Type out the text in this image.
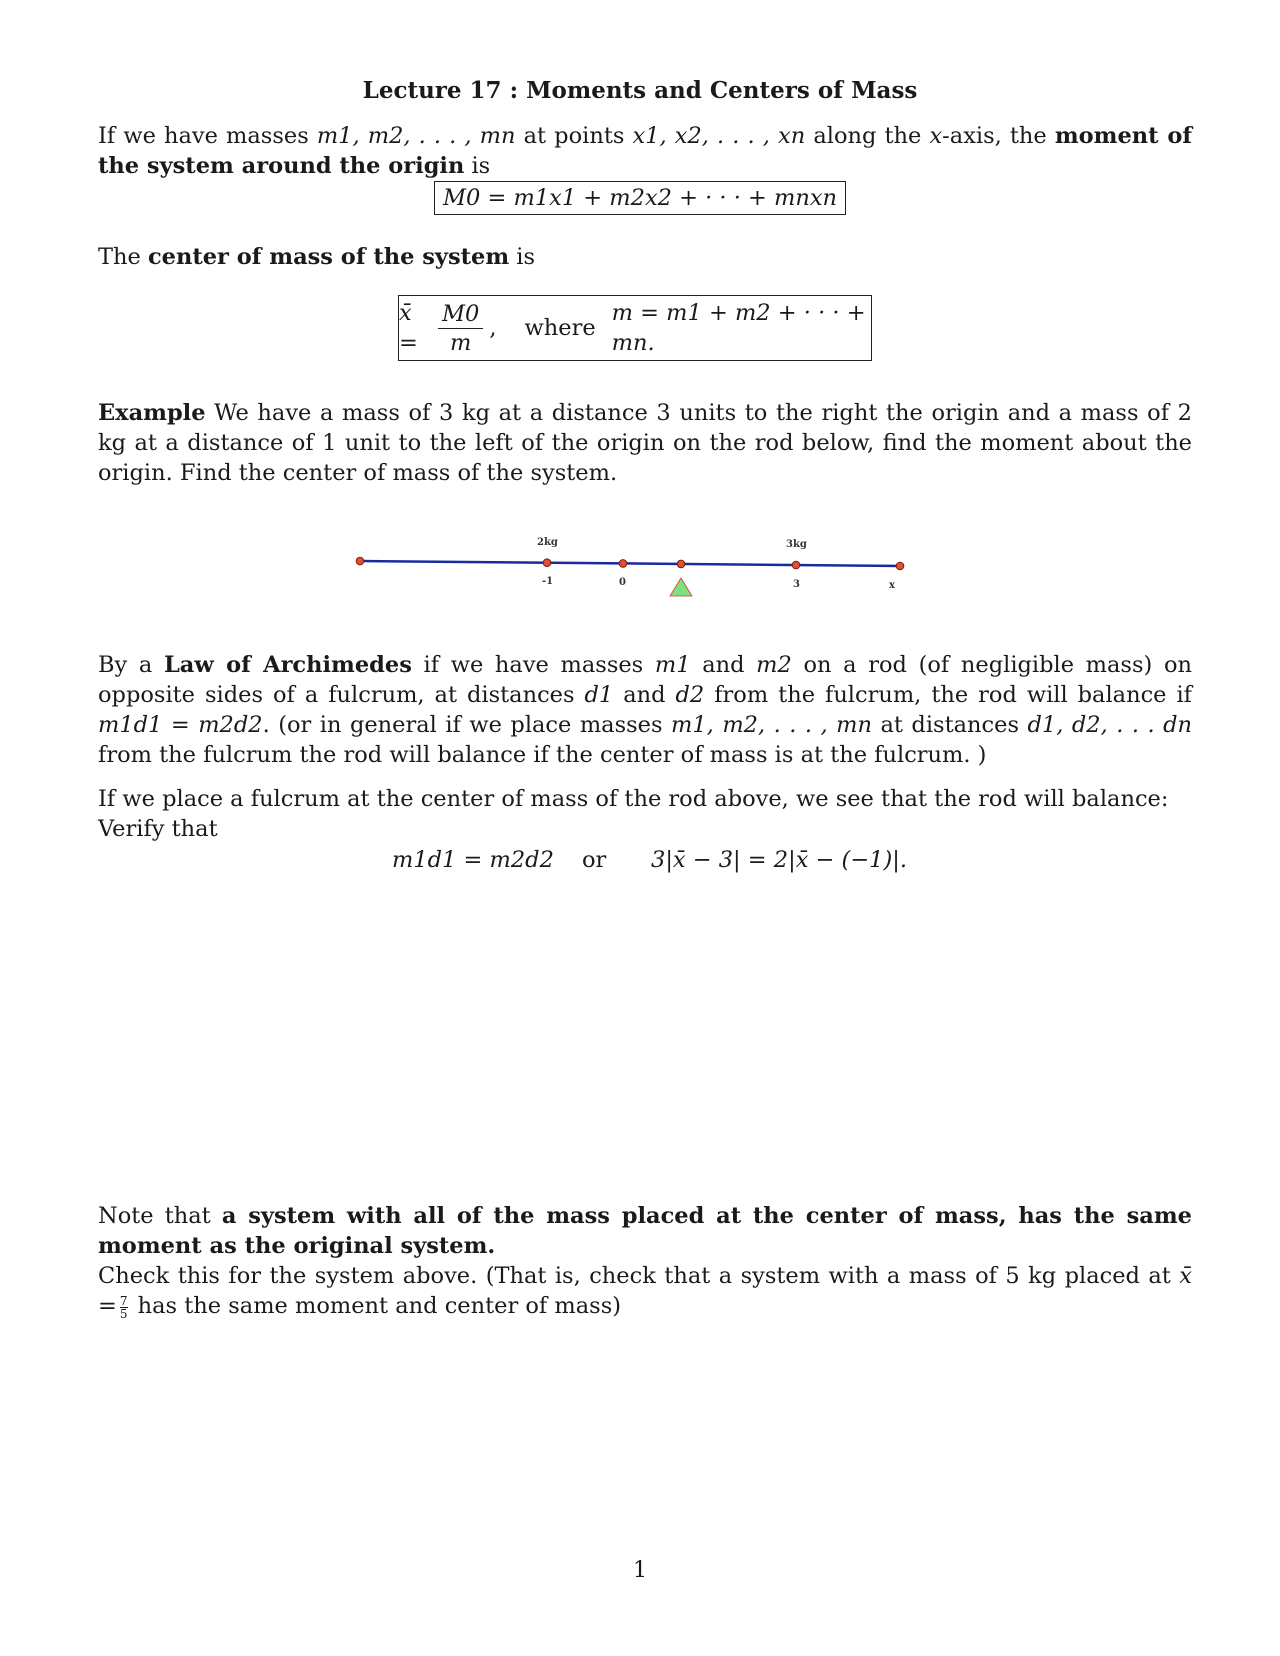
Lecture 17 : Moments and Centers of Mass

If we have masses m1, m2, . . . , mn at points x1, x2, . . . , xn along the x-axis, the moment of the system around the origin is

M0 = m1x1 + m2x2 + · · · + mnxn

The center of mass of the system is

x̄ = $\frac{M0}{m}$ , where
m = m1 + m2 + · · · + mn.

Example We have a mass of 3 kg at a distance 3 units to the right the origin and a mass of 2 kg at a distance of 1 unit to the left of the origin on the rod below, find the moment about the origin. Find the center of mass of the system.

2kg	3kg
-1	0	3	x

By a Law of Archimedes if we have masses m1 and m2 on a rod (of negligible mass) on opposite sides of a fulcrum, at distances d1 and d2 from the fulcrum, the rod will balance if m1d1 = m2d2. (or in general if we place masses m1, m2, . . . , mn at distances d1, d2, . . . dn from the fulcrum the rod will balance if the center of mass is at the fulcrum. )

If we place a fulcrum at the center of mass of the rod above, we see that the rod will balance:

Verify that

m1d1 = m2d2 or 3|x̄ − 3| = 2|x̄ − (−1)|.

Note that a system with all of the mass placed at the center of mass, has the same moment as the original system.

Check this for the system above. (That is, check that a system with a mass of 5 kg placed at x̄ = $\frac{7}{5}$ has the same moment and center of mass)

1
